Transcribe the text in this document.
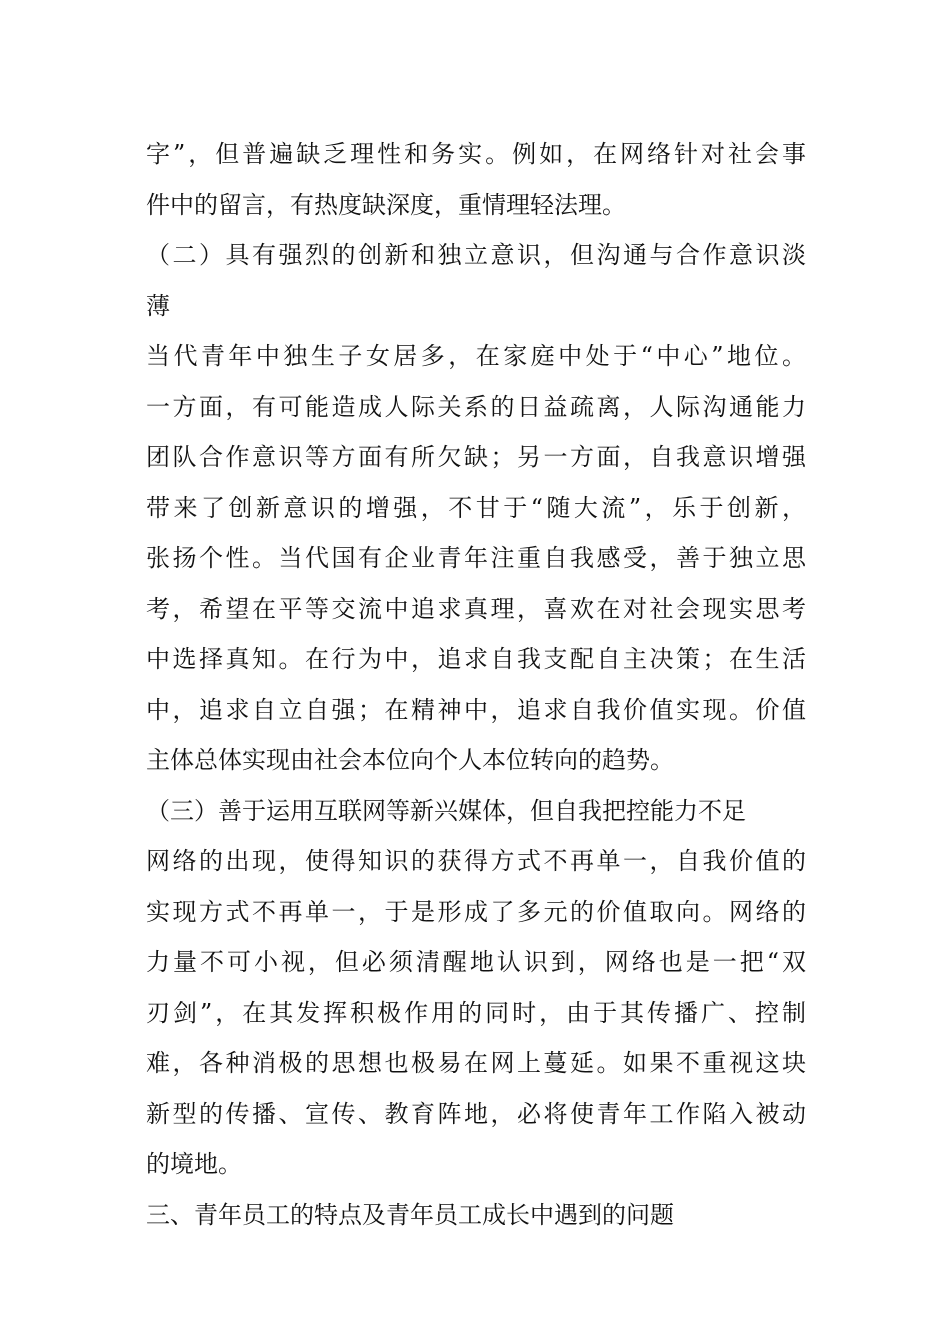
字”，但普遍缺乏理性和务实。例如，在网络针对社会事
件中的留言，有热度缺深度，重情理轻法理。
（二）具有强烈的创新和独立意识，但沟通与合作意识淡
薄
当代青年中独生子女居多，在家庭中处于“中心”地位。
一方面，有可能造成人际关系的日益疏离，人际沟通能力
团队合作意识等方面有所欠缺；另一方面，自我意识增强
带来了创新意识的增强，不甘于“随大流”，乐于创新，
张扬个性。当代国有企业青年注重自我感受，善于独立思
考，希望在平等交流中追求真理，喜欢在对社会现实思考
中选择真知。在行为中，追求自我支配自主决策；在生活
中，追求自立自强；在精神中，追求自我价值实现。价值
主体总体实现由社会本位向个人本位转向的趋势。
（三）善于运用互联网等新兴媒体，但自我把控能力不足
网络的出现，使得知识的获得方式不再单一，自我价值的
实现方式不再单一，于是形成了多元的价值取向。网络的
力量不可小视，但必须清醒地认识到，网络也是一把“双
刃剑”，在其发挥积极作用的同时，由于其传播广、控制
难，各种消极的思想也极易在网上蔓延。如果不重视这块
新型的传播、宣传、教育阵地，必将使青年工作陷入被动
的境地。
三、青年员工的特点及青年员工成长中遇到的问题
